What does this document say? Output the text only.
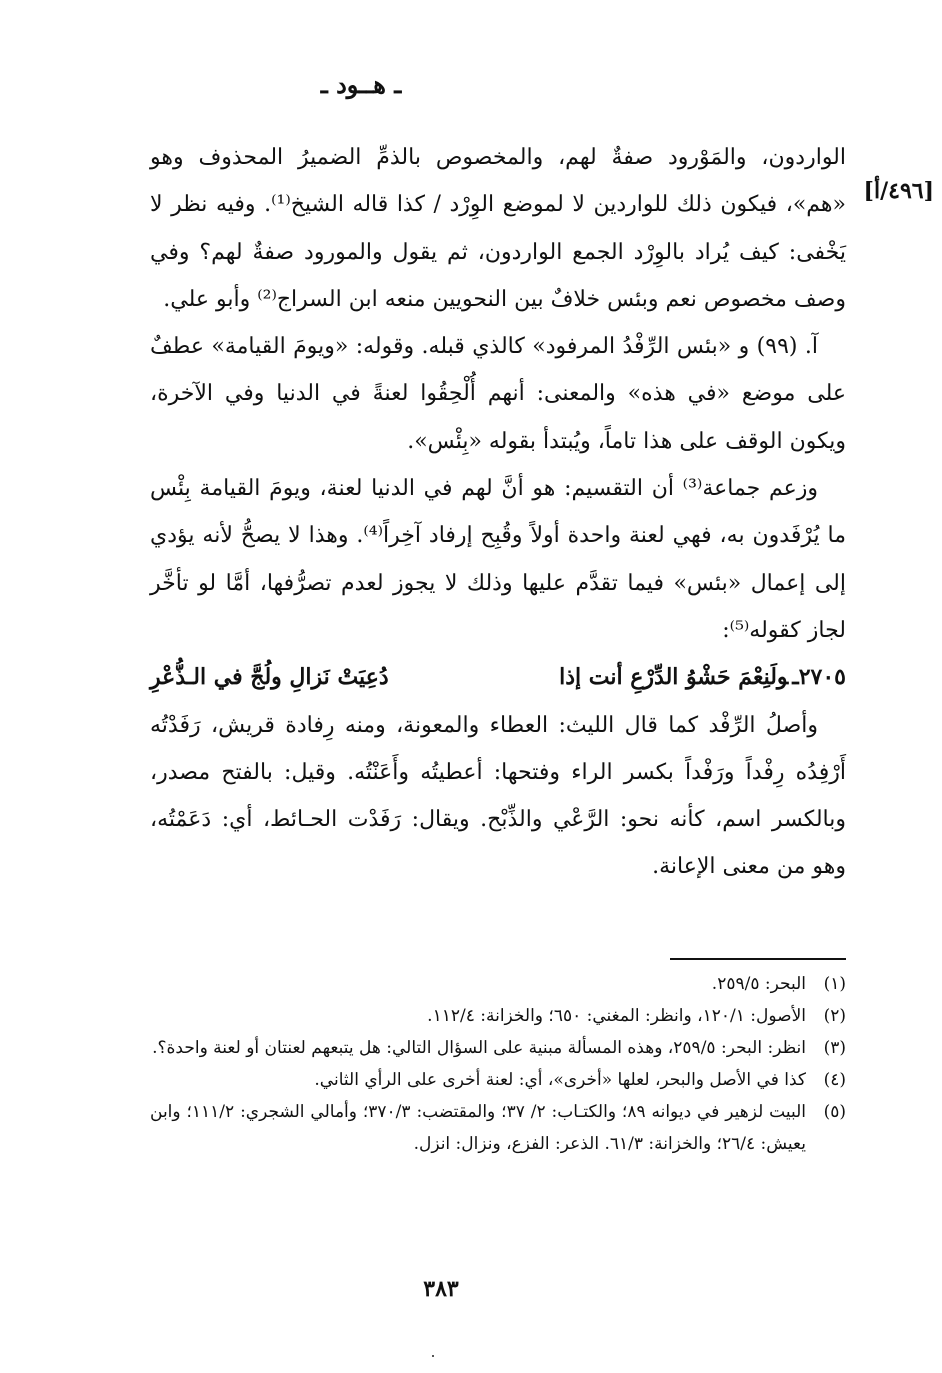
ـ هــود ـ
[٤٩٦/أ]

الواردون، والمَوْرود صفةٌ لهم، والمخصوص بالذمِّ الضميرُ المحذوف وهو «هم»، فيكون ذلك للواردين لا لموضع الوِرْد / كذا قاله الشيخ⁽¹⁾. وفيه نظر لا يَخْفى: كيف يُراد بالوِرْد الجمع الواردون، ثم يقول والمورود صفةٌ لهم؟ وفي وصف مخصوص نعم وبئس خلافٌ بين النحويين منعه ابن السراج⁽²⁾ وأبو علي.

آ. (٩٩) و «بئس الرِّفْدُ المرفود» كالذي قبله. وقوله: «ويومَ القيامة» عطفٌ على موضع «في هذه» والمعنى: أنهم أُلْحِقُوا لعنةً في الدنيا وفي الآخرة، ويكون الوقف على هذا تاماً، ويُبتدأ بقوله «بِئْس».

وزعم جماعة⁽³⁾ أن التقسيم: هو أنَّ لهم في الدنيا لعنة، ويومَ القيامة بِئْس ما يُرْفَدون به، فهي لعنة واحدة أولاً وقُبِح إرفاد آخِراً⁽⁴⁾. وهذا لا يصحُّ لأنه يؤدي إلى إعمال «بئس» فيما تقدَّم عليها وذلك لا يجوز لعدم تصرُّفها، أمَّا لو تأخَّر لجاز كقوله⁽⁵⁾:

٢٧٠٥ـولَنِعْمَ حَشْوُ الدِّرْعِ أنت إذا
دُعِيَتْ نَزالِ ولُجَّ في الـذُّعْرِ

وأصلُ الرِّفْد كما قال الليث: العطاء والمعونة، ومنه رِفادة قريش، رَفَدْتُه أَرْفِدُه رِفْداً ورَفْداً بكسر الراء وفتحها: أعطيتُه وأَعَنْتُه. وقيل: بالفتح مصدر، وبالكسر اسم، كأنه نحو: الرَّعْي والذِّبْح. ويقال: رَفَدْت الحـائط، أي: دَعَمْتُه، وهو من معنى الإعانة.

(١)
البحر: ٢٥٩/٥.
(٢)
الأصول: ١٢٠/١، وانظر: المغني: ٦٥٠؛ والخزانة: ١١٢/٤.
(٣)
انظر: البحر: ٢٥٩/٥، وهذه المسألة مبنية على السؤال التالي: هل يتبعهم لعنتان أو لعنة واحدة؟.
(٤)
كذا في الأصل والبحر، لعلها «أخرى»، أي: لعنة أخرى على الرأي الثاني.
(٥)
البيت لزهير في ديوانه ٨٩؛ والكتـاب: ٢/ ٣٧؛ والمقتضب: ٣٧٠/٣؛ وأمالي الشجري: ١١١/٢؛ وابن يعيش: ٢٦/٤؛ والخزانة: ٦١/٣. الذعر: الفزع، ونزال: انزل.
٣٨٣
